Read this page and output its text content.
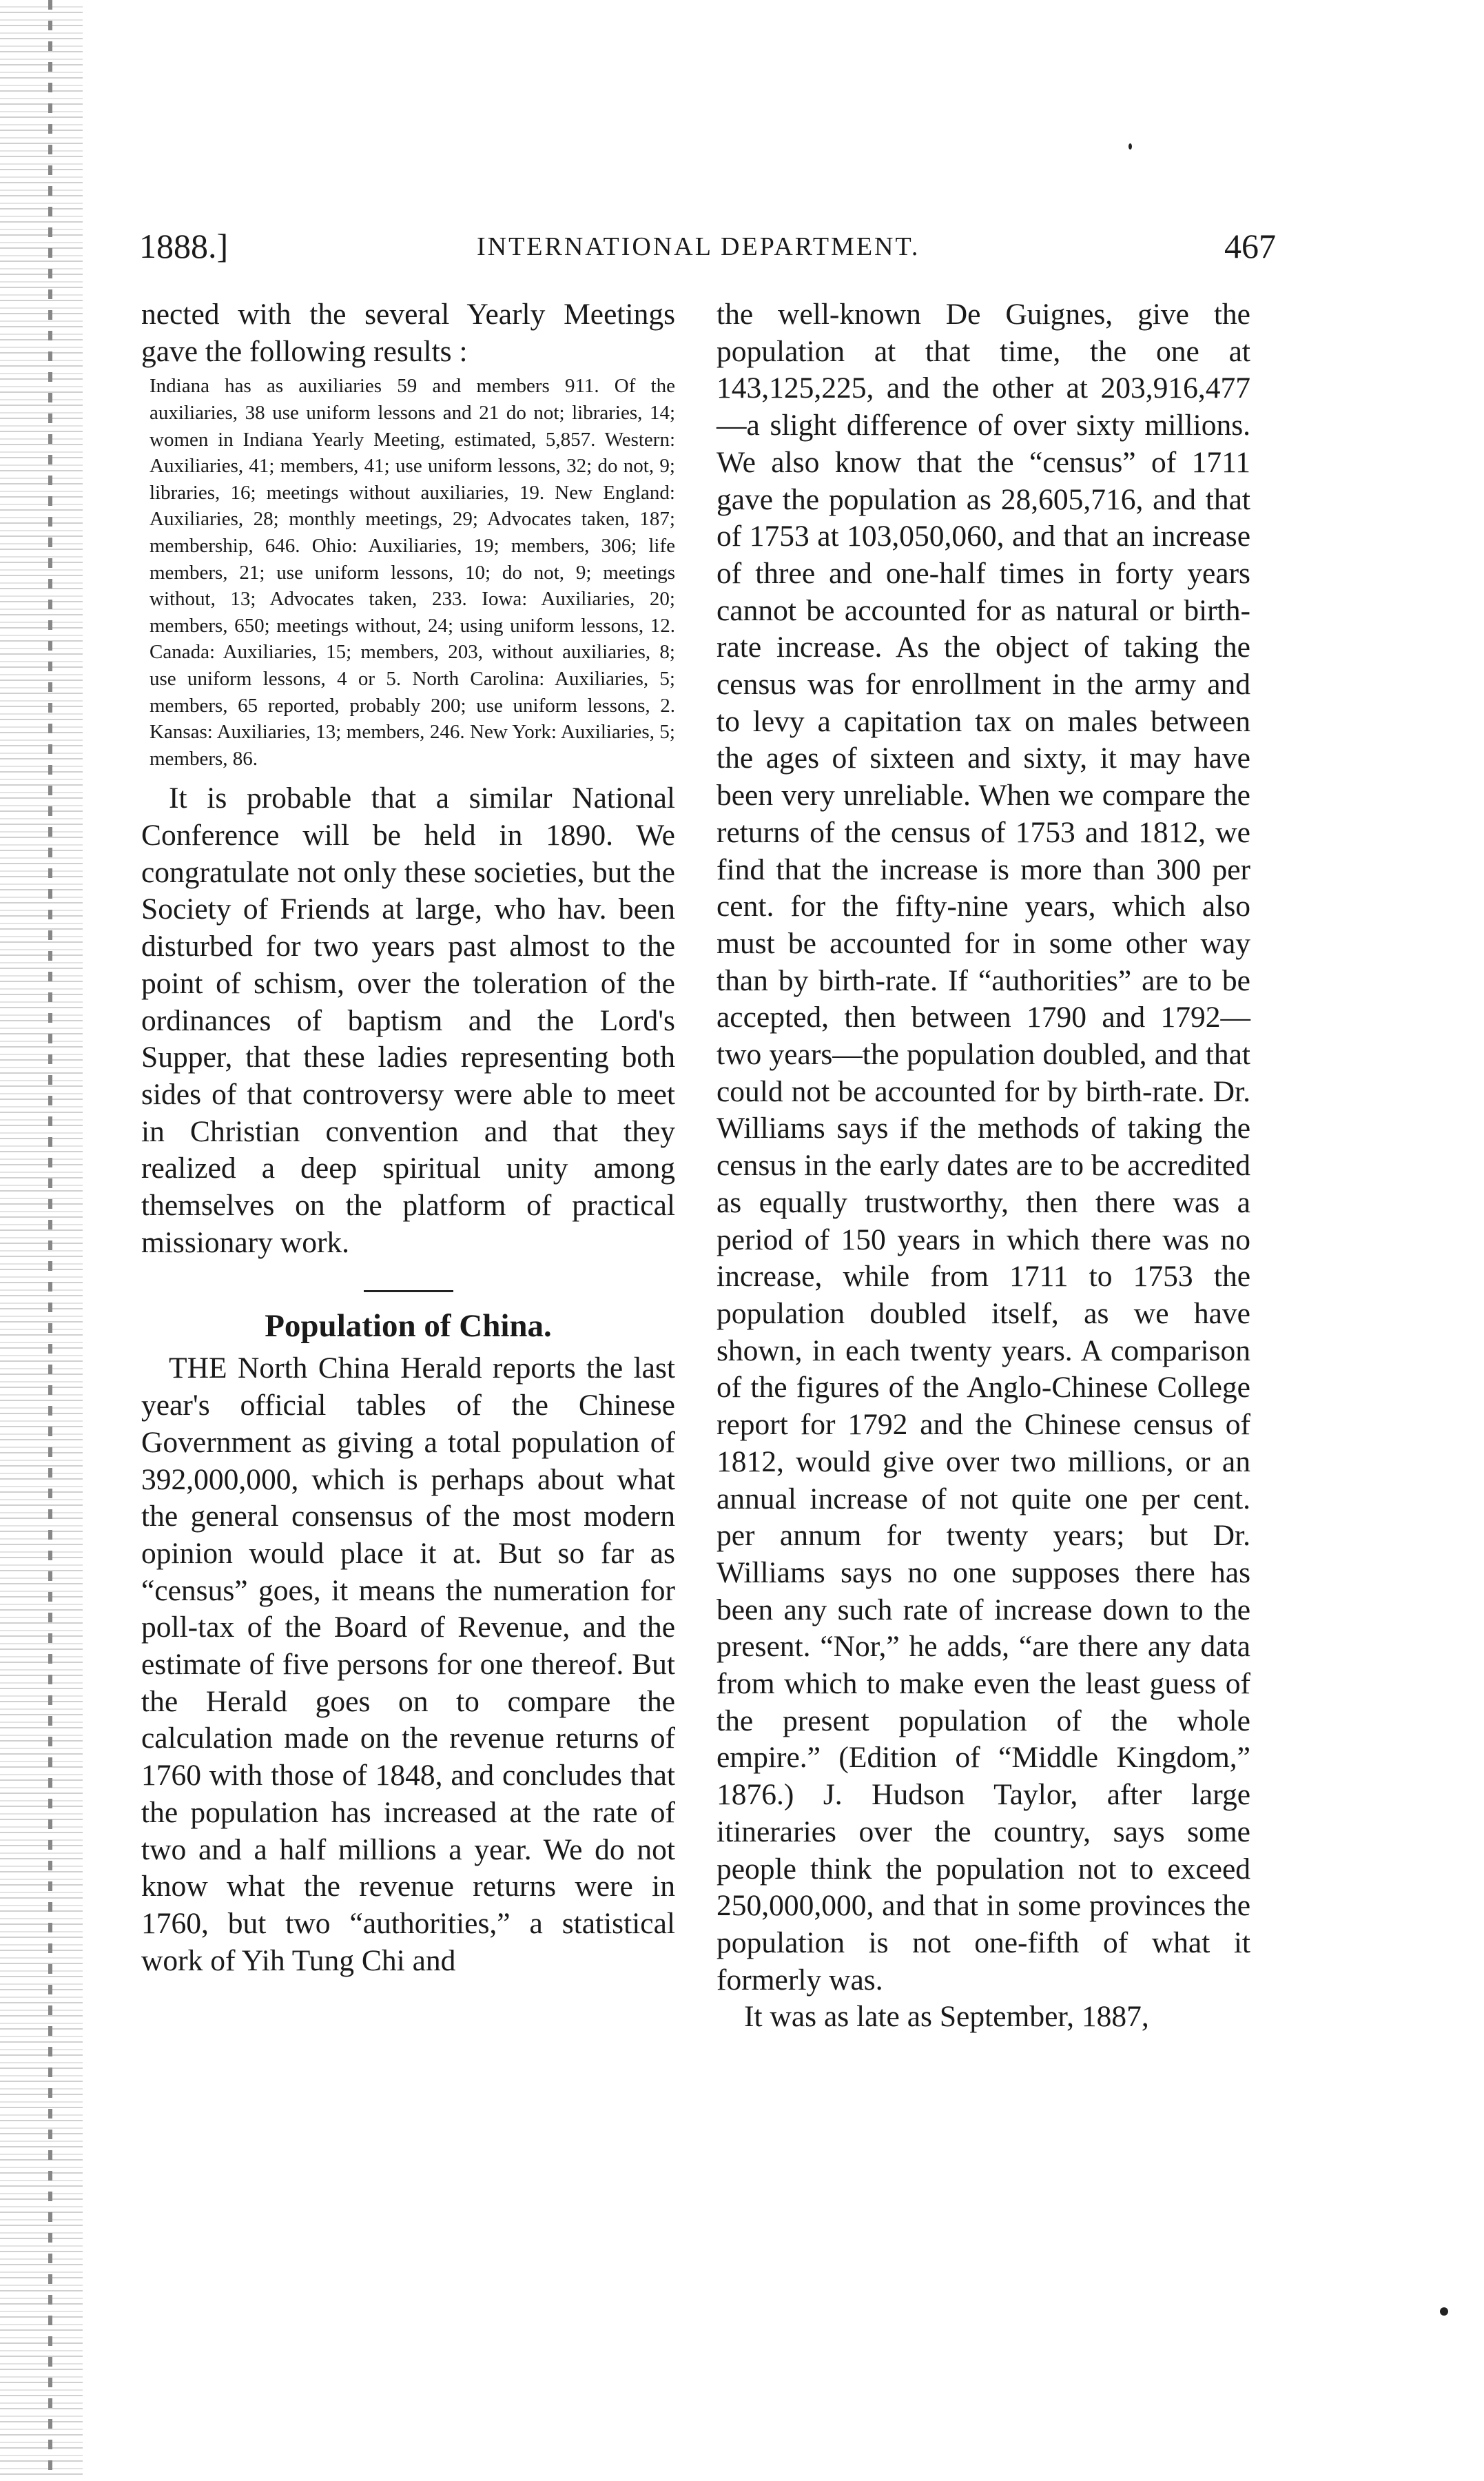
1888.]	INTERNATIONAL DEPARTMENT.	467

nected with the several Yearly Meetings gave the following results :

Indiana has as auxiliaries 59 and members 911. Of the auxiliaries, 38 use uniform lessons and 21 do not; libraries, 14; women in Indiana Yearly Meeting, estimated, 5,857. Western: Auxiliaries, 41; members, 41; use uniform lessons, 32; do not, 9; libraries, 16; meetings without auxiliaries, 19. New England: Auxiliaries, 28; monthly meetings, 29; Advocates taken, 187; membership, 646. Ohio: Auxiliaries, 19; members, 306; life members, 21; use uniform lessons, 10; do not, 9; meetings without, 13; Advocates taken, 233. Iowa: Auxiliaries, 20; members, 650; meetings without, 24; using uniform lessons, 12. Canada: Auxiliaries, 15; members, 203, without auxiliaries, 8; use uniform lessons, 4 or 5. North Carolina: Auxiliaries, 5; members, 65 reported, probably 200; use uniform lessons, 2. Kansas: Auxiliaries, 13; members, 246. New York: Auxiliaries, 5; members, 86.

It is probable that a similar National Conference will be held in 1890. We congratulate not only these societies, but the Society of Friends at large, who hav. been disturbed for two years past almost to the point of schism, over the toleration of the ordinances of baptism and the Lord's Supper, that these ladies representing both sides of that controversy were able to meet in Christian convention and that they realized a deep spiritual unity among themselves on the platform of practical missionary work.

Population of China.

THE North China Herald reports the last year's official tables of the Chinese Government as giving a total population of 392,000,000, which is perhaps about what the general consensus of the most modern opinion would place it at. But so far as “census” goes, it means the numeration for poll-tax of the Board of Revenue, and the estimate of five persons for one thereof. But the Herald goes on to compare the calculation made on the revenue returns of 1760 with those of 1848, and concludes that the population has increased at the rate of two and a half millions a year. We do not know what the revenue returns were in 1760, but two “authorities,” a statistical work of Yih Tung Chi and

the well-known De Guignes, give the population at that time, the one at 143,125,225, and the other at 203,916,477—a slight difference of over sixty millions. We also know that the “census” of 1711 gave the population as 28,605,716, and that of 1753 at 103,050,060, and that an increase of three and one-half times in forty years cannot be accounted for as natural or birth-rate increase. As the object of taking the census was for enrollment in the army and to levy a capitation tax on males between the ages of sixteen and sixty, it may have been very unreliable. When we compare the returns of the census of 1753 and 1812, we find that the increase is more than 300 per cent. for the fifty-nine years, which also must be accounted for in some other way than by birth-rate. If “authorities” are to be accepted, then between 1790 and 1792—two years—the population doubled, and that could not be accounted for by birth-rate. Dr. Williams says if the methods of taking the census in the early dates are to be accredited as equally trustworthy, then there was a period of 150 years in which there was no increase, while from 1711 to 1753 the population doubled itself, as we have shown, in each twenty years. A comparison of the figures of the Anglo-Chinese College report for 1792 and the Chinese census of 1812, would give over two millions, or an annual increase of not quite one per cent. per annum for twenty years; but Dr. Williams says no one supposes there has been any such rate of increase down to the present. “Nor,” he adds, “are there any data from which to make even the least guess of the present population of the whole empire.” (Edition of “Middle Kingdom,” 1876.) J. Hudson Taylor, after large itineraries over the country, says some people think the population not to exceed 250,000,000, and that in some provinces the population is not one-fifth of what it formerly was.

It was as late as September, 1887,
